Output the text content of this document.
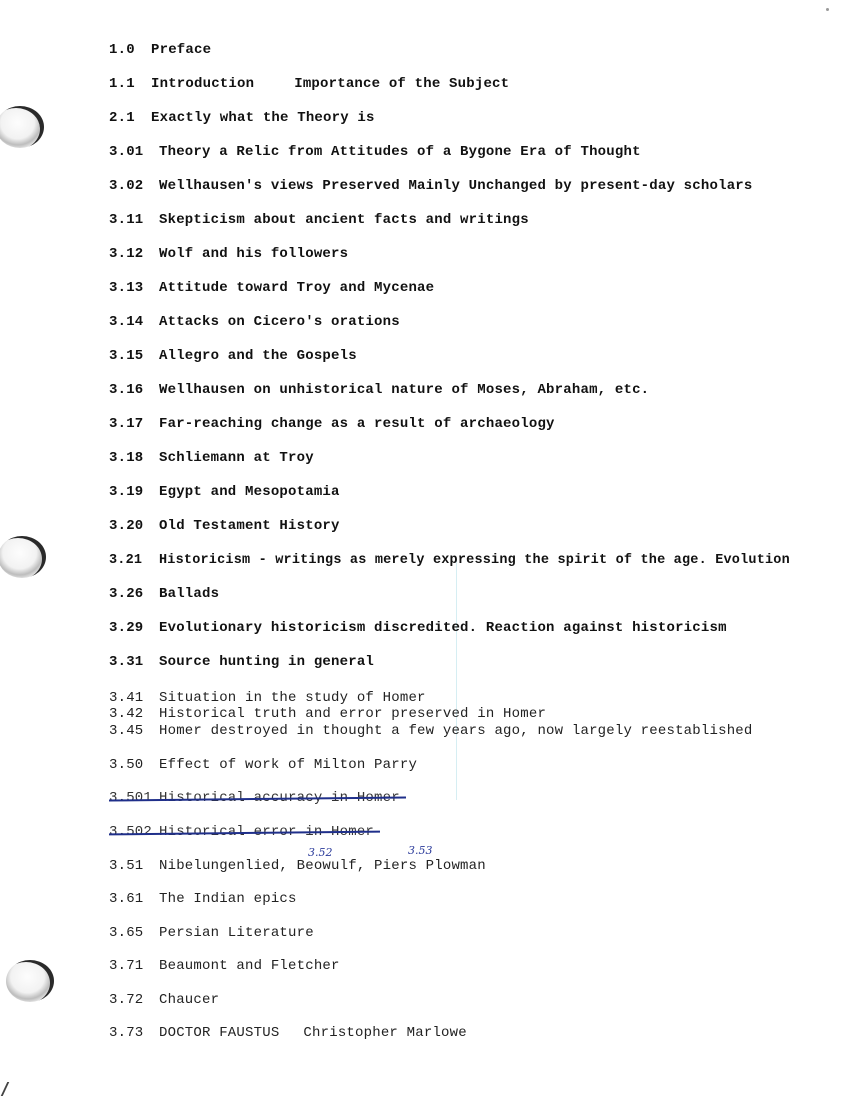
1.0 Preface
1.1 Introduction	Importance of the Subject
2.1 Exactly what the Theory is
3.01 Theory a Relic from Attitudes of a Bygone Era of Thought
3.02 Wellhausen's views Preserved Mainly Unchanged by present-day scholars
3.11 Skepticism about ancient facts and writings
3.12 Wolf and his followers
3.13 Attitude toward Troy and Mycenae
3.14 Attacks on Cicero's orations
3.15 Allegro and the Gospels
3.16 Wellhausen on unhistorical nature of Moses, Abraham, etc.
3.17 Far-reaching change as a result of archaeology
3.18 Schliemann at Troy
3.19 Egypt and Mesopotamia
3.20 Old Testament History
3.21 Historicism - writings as merely expressing the spirit of the age. Evolution
3.26 Ballads
3.29 Evolutionary historicism discredited. Reaction against historicism
3.31 Source hunting in general
3.41 Situation in the study of Homer
3.42 Historical truth and error preserved in Homer
3.45 Homer destroyed in thought a few years ago, now largely reestablished
3.50 Effect of work of Milton Parry
3.501 Historical accuracy in Homer
3.502 Historical error in Homer
3.52	3.53
3.51 Nibelungenlied, Beowulf, Piers Plowman
3.61 The Indian epics
3.65 Persian Literature
3.71 Beaumont and Fletcher
3.72 Chaucer
3.73 DOCTOR FAUSTUS Christopher Marlowe
